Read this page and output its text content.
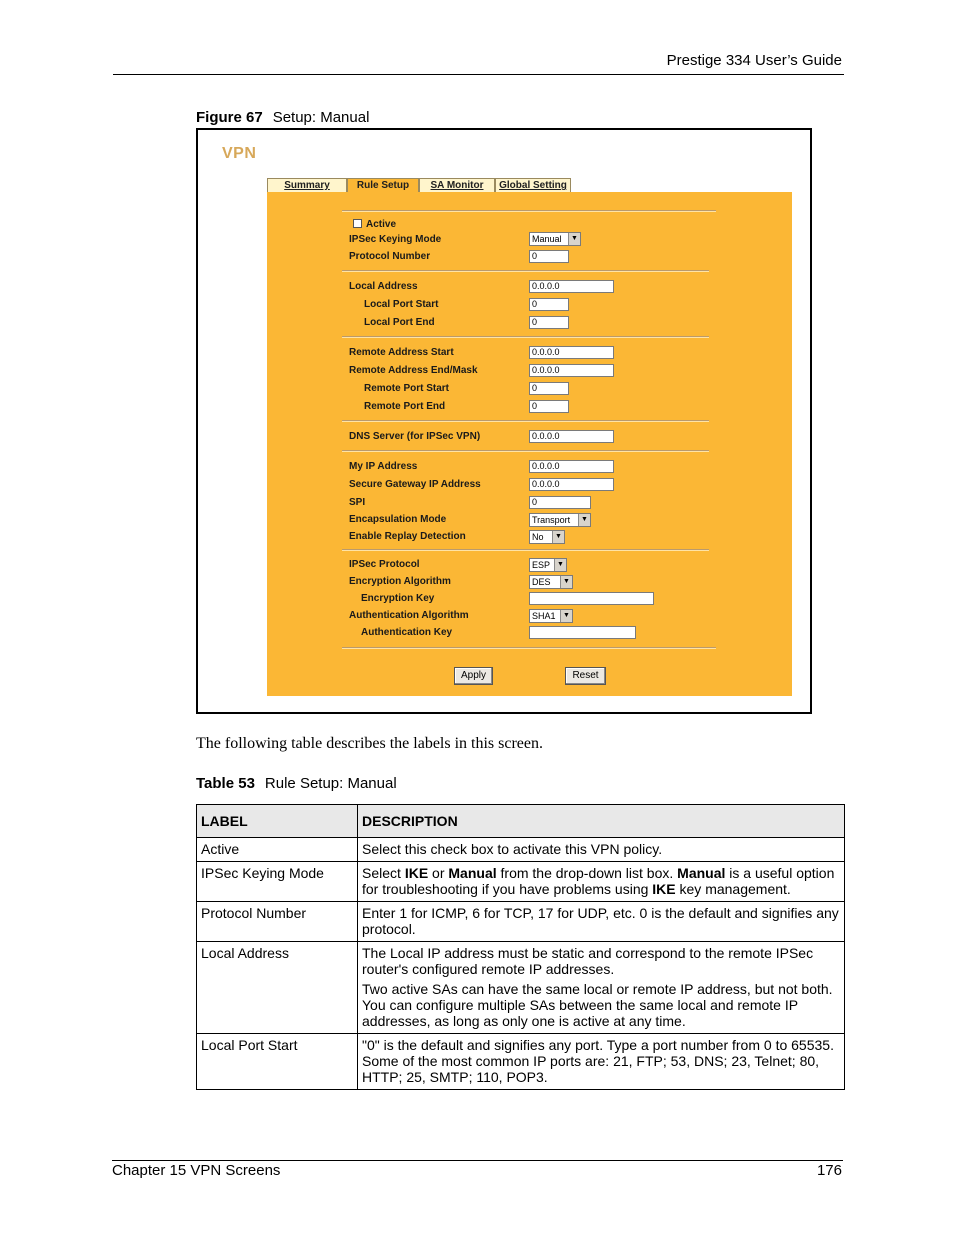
Prestige 334 User’s Guide
Figure 67 Setup: Manual
VPN
Summary	Rule Setup	SA Monitor	Global Setting
Active
IPSec Keying Mode	Manual	▼
Protocol Number	0
Local Address	0.0.0.0
Local Port Start	0
Local Port End	0
Remote Address Start	0.0.0.0
Remote Address End/Mask	0.0.0.0
Remote Port Start	0
Remote Port End	0
DNS Server (for IPSec VPN)	0.0.0.0
My IP Address	0.0.0.0
Secure Gateway IP Address	0.0.0.0
SPI	0
Encapsulation Mode	Transport	▼
Enable Replay Detection	No	▼
IPSec Protocol	ESP	▼
Encryption Algorithm	DES	▼
Encryption Key
Authentication Algorithm	SHA1	▼
Authentication Key
Apply	Reset
The following table describes the labels in this screen.
Table 53 Rule Setup: Manual
LABEL	DESCRIPTION
Active	Select this check box to activate this VPN policy.

IPSec Keying Mode	Select IKE or Manual from the drop-down list box. Manual is a useful option for troubleshooting if you have problems using IKE key management.

Protocol Number	Enter 1 for ICMP, 6 for TCP, 17 for UDP, etc. 0 is the default and signifies any protocol.

Local Address	The Local IP address must be static and correspond to the remote IPSec router's configured remote IP addresses.

Two active SAs can have the same local or remote IP address, but not both. You can configure multiple SAs between the same local and remote IP addresses, as long as only one is active at any time.

Local Port Start	"0" is the default and signifies any port. Type a port number from 0 to 65535. Some of the most common IP ports are: 21, FTP; 53, DNS; 23, Telnet; 80, HTTP; 25, SMTP; 110, POP3.

Chapter 15 VPN Screens	176
